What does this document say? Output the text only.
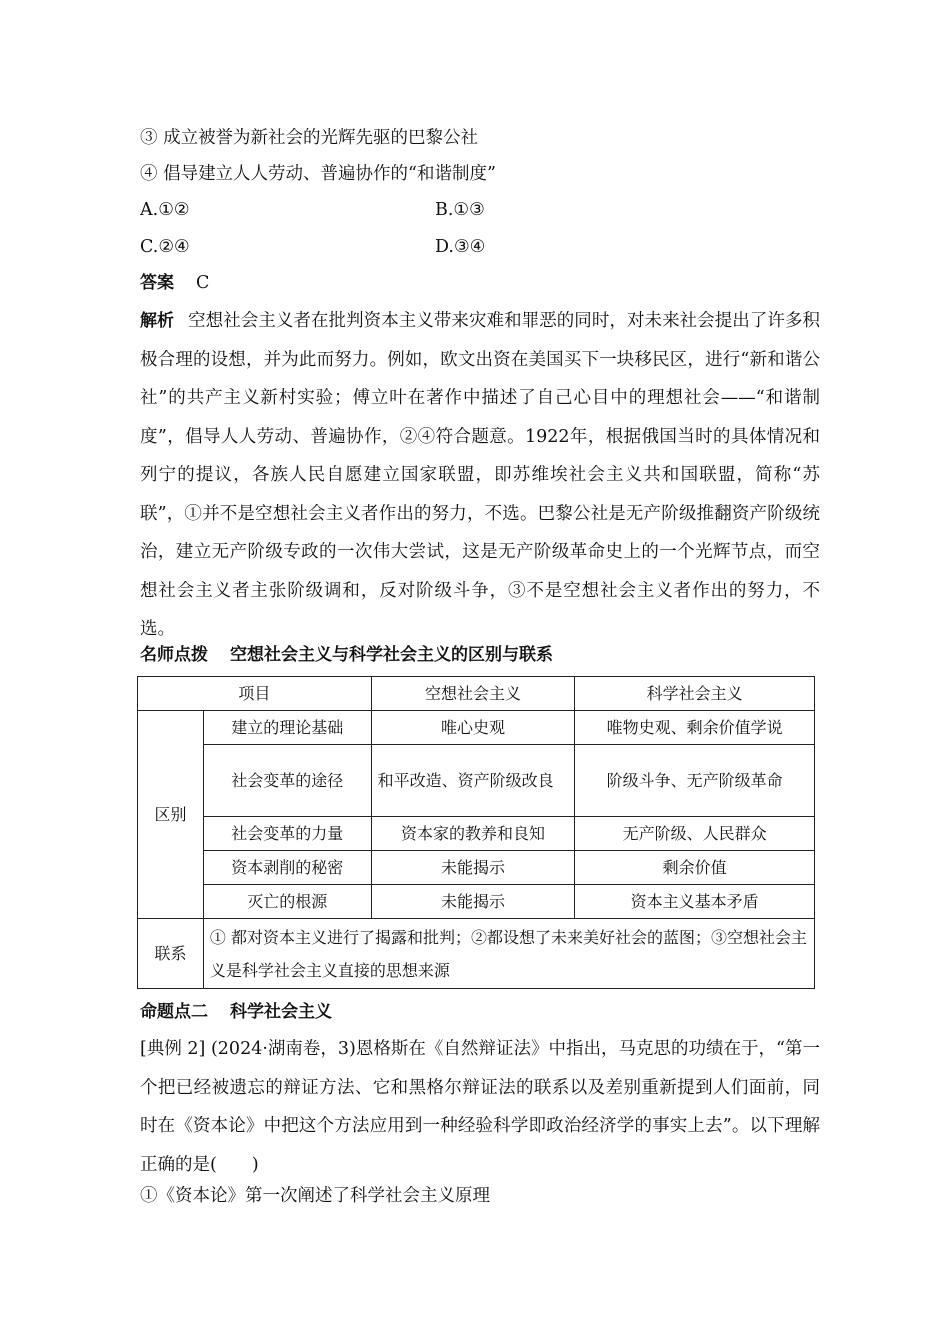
③ 成立被誉为新社会的光辉先驱的巴黎公社
④ 倡导建立人人劳动、普遍协作的“和谐制度”
A.①②	B.①③
C.②④	D.③④
答案 C
解析 空想社会主义者在批判资本主义带来灾难和罪恶的同时，对未来社会提出了许多积极合理的设想，并为此而努力。例如，欧文出资在美国买下一块移民区，进行“新和谐公社”的共产主义新村实验；傅立叶在著作中描述了自己心目中的理想社会——“和谐制度”，倡导人人劳动、普遍协作，②④符合题意。1922年，根据俄国当时的具体情况和列宁的提议，各族人民自愿建立国家联盟，即苏维埃社会主义共和国联盟，简称“苏联”，①并不是空想社会主义者作出的努力，不选。巴黎公社是无产阶级推翻资产阶级统治，建立无产阶级专政的一次伟大尝试，这是无产阶级革命史上的一个光辉节点，而空想社会主义者主张阶级调和，反对阶级斗争，③不是空想社会主义者作出的努力，不选。
名师点拨 空想社会主义与科学社会主义的区别与联系
项目		空想社会主义	科学社会主义
区别	建立的理论基础	唯心史观	唯物史观、剩余价值学说
	社会变革的途径	和平改造、资产阶级改良	阶级斗争、无产阶级革命
	社会变革的力量	资本家的教养和良知	无产阶级、人民群众
	资本剥削的秘密	未能揭示	剩余价值
	灭亡的根源	未能揭示	资本主义基本矛盾
联系	① 都对资本主义进行了揭露和批判；②都设想了未来美好社会的蓝图；③空想社会主义是科学社会主义直接的思想来源		
命题点二 科学社会主义
[典例 2] (2024·湖南卷，3)恩格斯在《自然辩证法》中指出，马克思的功绩在于，“第一个把已经被遗忘的辩证方法、它和黑格尔辩证法的联系以及差别重新提到人们面前，同时在《资本论》中把这个方法应用到一种经验科学即政治经济学的事实上去”。以下理解正确的是(　　)
①《资本论》第一次阐述了科学社会主义原理
